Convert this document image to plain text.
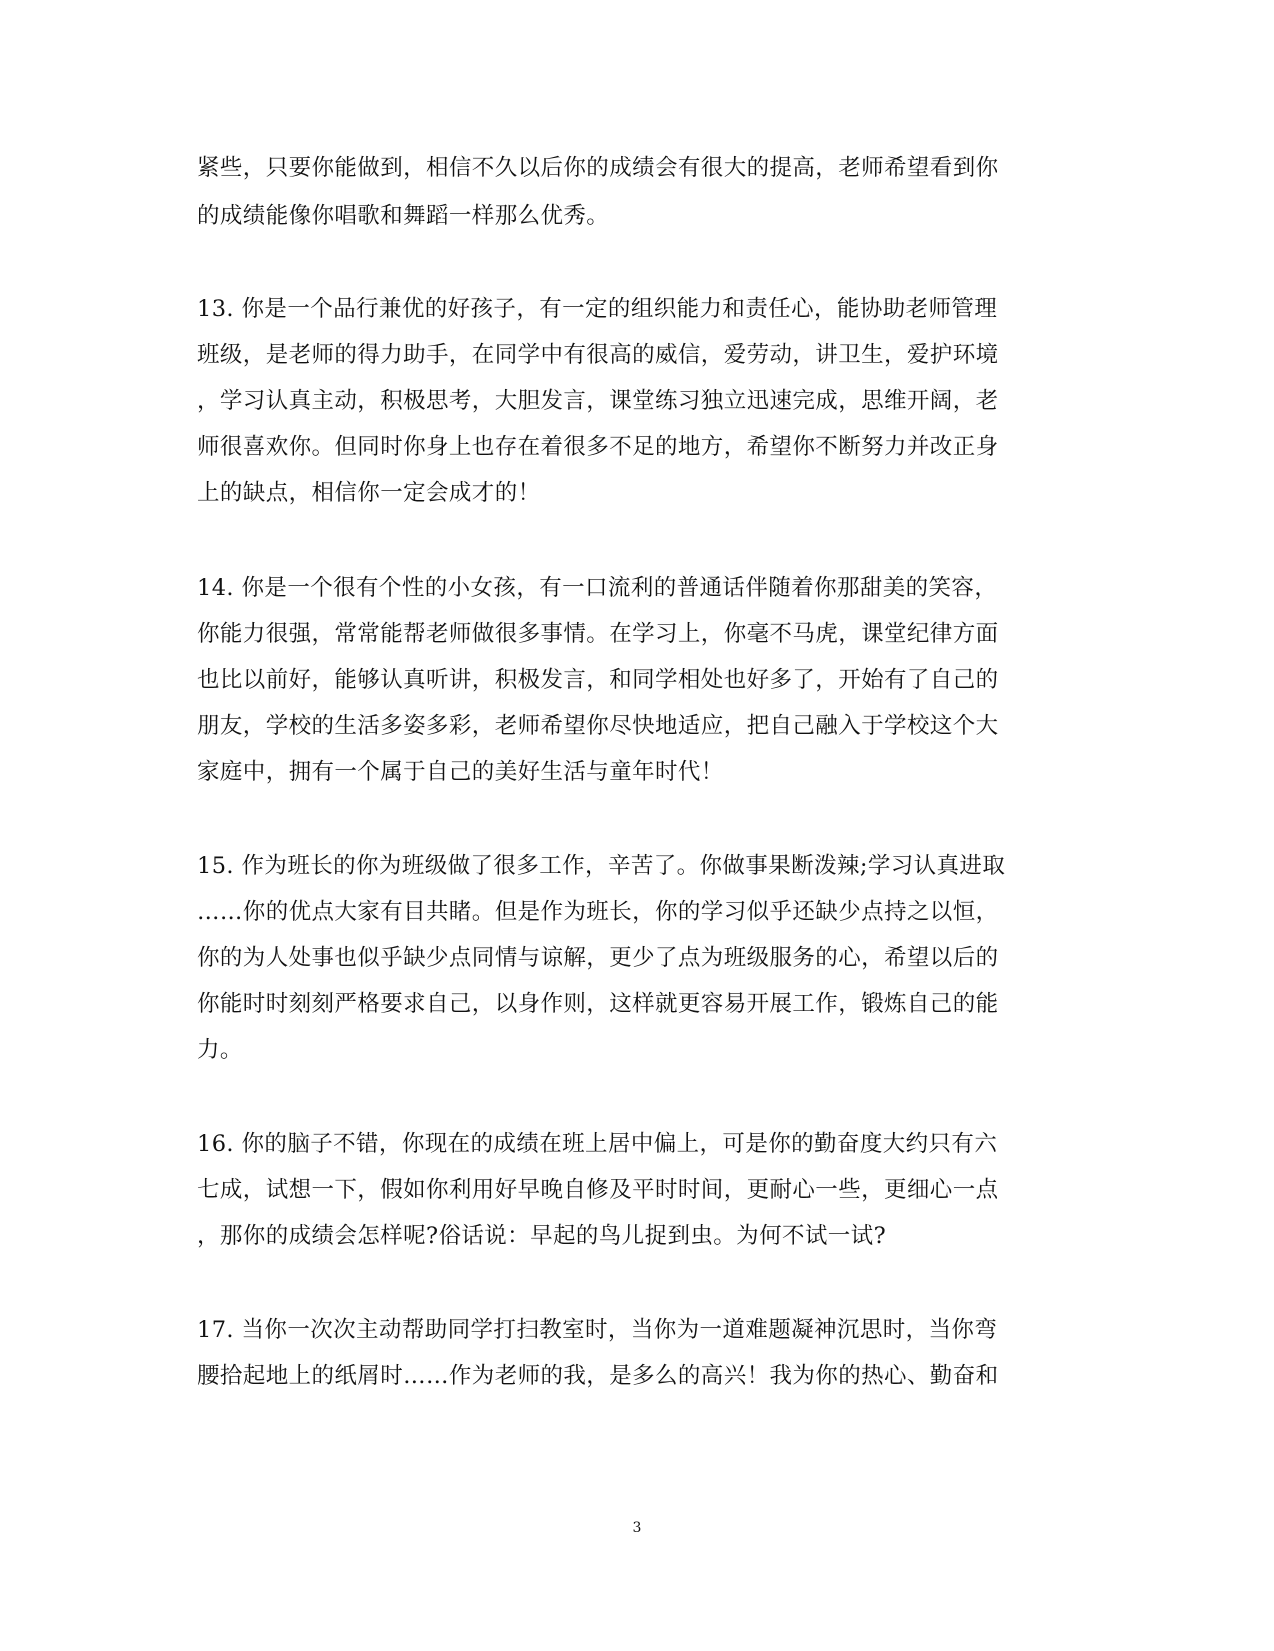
紧些，只要你能做到，相信不久以后你的成绩会有很大的提高，老师希望看到你
的成绩能像你唱歌和舞蹈一样那么优秀。
13. 你是一个品行兼优的好孩子，有一定的组织能力和责任心，能协助老师管理
班级，是老师的得力助手，在同学中有很高的威信，爱劳动，讲卫生，爱护环境
，学习认真主动，积极思考，大胆发言，课堂练习独立迅速完成，思维开阔，老
师很喜欢你。但同时你身上也存在着很多不足的地方，希望你不断努力并改正身
上的缺点，相信你一定会成才的！
14. 你是一个很有个性的小女孩，有一口流利的普通话伴随着你那甜美的笑容，
你能力很强，常常能帮老师做很多事情。在学习上，你毫不马虎，课堂纪律方面
也比以前好，能够认真听讲，积极发言，和同学相处也好多了，开始有了自己的
朋友，学校的生活多姿多彩，老师希望你尽快地适应，把自己融入于学校这个大
家庭中，拥有一个属于自己的美好生活与童年时代！
15. 作为班长的你为班级做了很多工作，辛苦了。你做事果断泼辣;学习认真进取
……你的优点大家有目共睹。但是作为班长，你的学习似乎还缺少点持之以恒，
你的为人处事也似乎缺少点同情与谅解，更少了点为班级服务的心，希望以后的
你能时时刻刻严格要求自己，以身作则，这样就更容易开展工作，锻炼自己的能
力。
16. 你的脑子不错，你现在的成绩在班上居中偏上，可是你的勤奋度大约只有六
七成，试想一下，假如你利用好早晚自修及平时时间，更耐心一些，更细心一点
，那你的成绩会怎样呢?俗话说：早起的鸟儿捉到虫。为何不试一试?
17. 当你一次次主动帮助同学打扫教室时，当你为一道难题凝神沉思时，当你弯
腰拾起地上的纸屑时……作为老师的我，是多么的高兴！我为你的热心、勤奋和
3
